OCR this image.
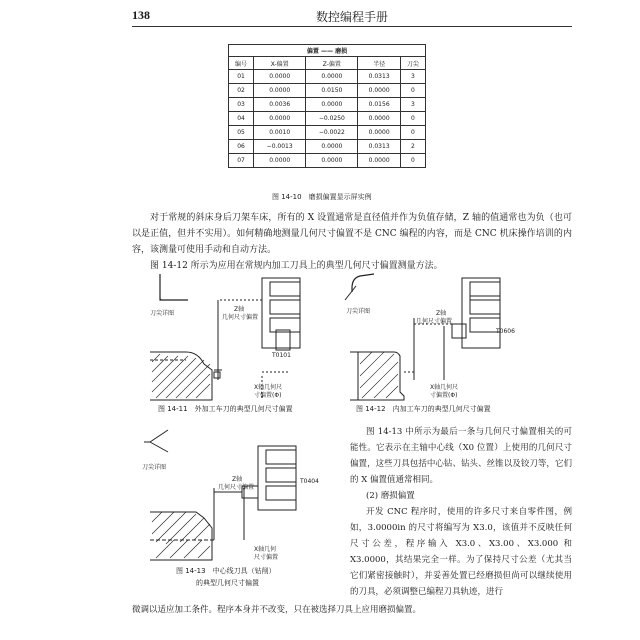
138	数控编程手册
偏置 —— 磨损				
编号	X-偏置	Z-偏置	半径	刀尖
01	0.0000	0.0000	0.0313	3
02	0.0000	0.0150	0.0000	0
03	0.0036	0.0000	0.0156	3
04	0.0000	−0.0250	0.0000	0
05	0.0010	−0.0022	0.0000	0
06	−0.0013	0.0000	0.0313	2
07	0.0000	0.0000	0.0000	0
图 14-10　磨损偏置显示屏实例

对于常规的斜床身后刀架车床，所有的 X 设置通常是直径值并作为负值存储，Z 轴的值通常也为负（也可以是正值，但并不实用）。如何精确地测量几何尺寸偏置不是 CNC 编程的内容，而是 CNC 机床操作培训的内容，该测量可使用手动和自动方法。

图 14-12 所示为应用在常规内加工刀具上的典型几何尺寸偏置测量方法。

刀尖详图
Z轴
几何尺寸偏置
T0101
X轴几何尺
寸偏置(Φ)
图 14-11　外加工车刀的典型几何尺寸偏置
刀尖详图	Z轴
几何尺寸偏置
T0606
X轴几何尺
寸偏置(Φ)
图 14-12　内加工车刀的典型几何尺寸偏置
刀尖详图
Z轴
几何尺寸偏置
T0404
X轴几何
尺寸偏置
图 14-13　中心线刀具（钻削）
的典型几何尺寸偏置

图 14-13 中所示为最后一条与几何尺寸偏置相关的可能性。它表示在主轴中心线（X0 位置）上使用的几何尺寸偏置，这些刀具包括中心钻、钻头、丝锥以及铰刀等，它们的 X 偏置值通常相同。

(2) 磨损偏置

开发 CNC 程序时，使用的许多尺寸来自零件图，例如，3.0000in 的尺寸将编写为 X3.0，该值并不反映任何尺寸公差，程序输入 X3.0、X3.00、X3.000 和 X3.0000，其结果完全一样。为了保持尺寸公差（尤其当它们紧密接触时），并妥善处置已经磨损但尚可以继续使用的刀具，必须调整已编程刀具轨迹，进行

微调以适应加工条件。程序本身并不改变，只在被选择刀具上应用磨损偏置。
